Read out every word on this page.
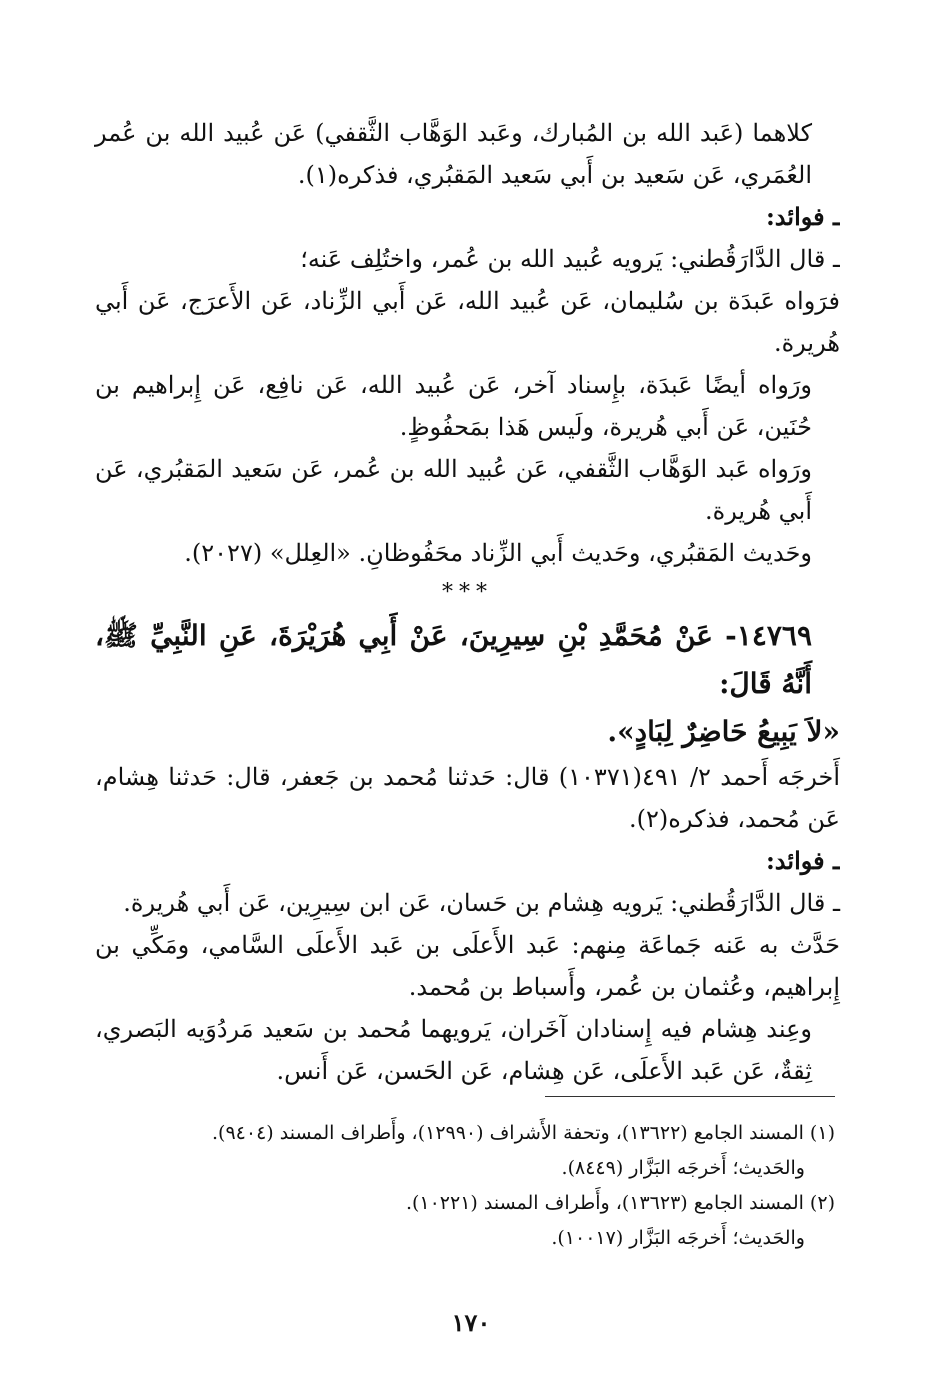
كلاهما (عَبد الله بن المُبارك، وعَبد الوَهَّاب الثَّقفي) عَن عُبيد الله بن عُمر العُمَري، عَن سَعيد بن أَبي سَعيد المَقبُري، فذكره(١).

ـ فوائد:

ـ قال الدَّارَقُطني: يَرويه عُبيد الله بن عُمر، واختُلِف عَنه؛

فرَواه عَبدَة بن سُليمان، عَن عُبيد الله، عَن أَبي الزِّناد، عَن الأَعرَج، عَن أَبي هُريرة.

ورَواه أيضًا عَبدَة، بإِسناد آخر، عَن عُبيد الله، عَن نافِع، عَن إِبراهيم بن حُنَين، عَن أَبي هُريرة، ولَيس هَذا بمَحفُوظٍ.

ورَواه عَبد الوَهَّاب الثَّقفي، عَن عُبيد الله بن عُمر، عَن سَعيد المَقبُري، عَن أَبي هُريرة.

وحَديث المَقبُري، وحَديث أَبي الزِّناد محَفُوظانِ. «العِلل» (٢٠٢٧).

***

١٤٧٦٩- عَنْ مُحَمَّدِ بْنِ سِيرِينَ، عَنْ أَبِي هُرَيْرَةَ، عَنِ النَّبِيِّ ﷺ، أَنَّهُ قَالَ:

«لاَ يَبِيعُ حَاضِرٌ لِبَادٍ».

أَخرجَه أَحمد ٢/ ٤٩١(١٠٣٧١) قال: حَدثنا مُحمد بن جَعفر، قال: حَدثنا هِشام، عَن مُحمد، فذكره(٢).

ـ فوائد:

ـ قال الدَّارَقُطني: يَرويه هِشام بن حَسان، عَن ابن سِيرِين، عَن أَبي هُريرة.

حَدَّث به عَنه جَماعَة مِنهم: عَبد الأَعلَى بن عَبد الأَعلَى السَّامي، ومَكِّي بن إِبراهيم، وعُثمان بن عُمر، وأَسباط بن مُحمد.

وعِند هِشام فيه إِسنادان آخَران، يَرويهما مُحمد بن سَعيد مَردُوَيه البَصري، ثِقةٌ، عَن عَبد الأَعلَى، عَن هِشام، عَن الحَسن، عَن أَنس.

(١) المسند الجامع (١٣٦٢٢)، وتحفة الأَشراف (١٢٩٩٠)، وأَطراف المسند (٩٤٠٤).

والحَديث؛ أَخرجَه البَزَّار (٨٤٤٩).

(٢) المسند الجامع (١٣٦٢٣)، وأَطراف المسند (١٠٢٢١).

والحَديث؛ أَخرجَه البَزَّار (١٠٠١٧).

١٧٠
